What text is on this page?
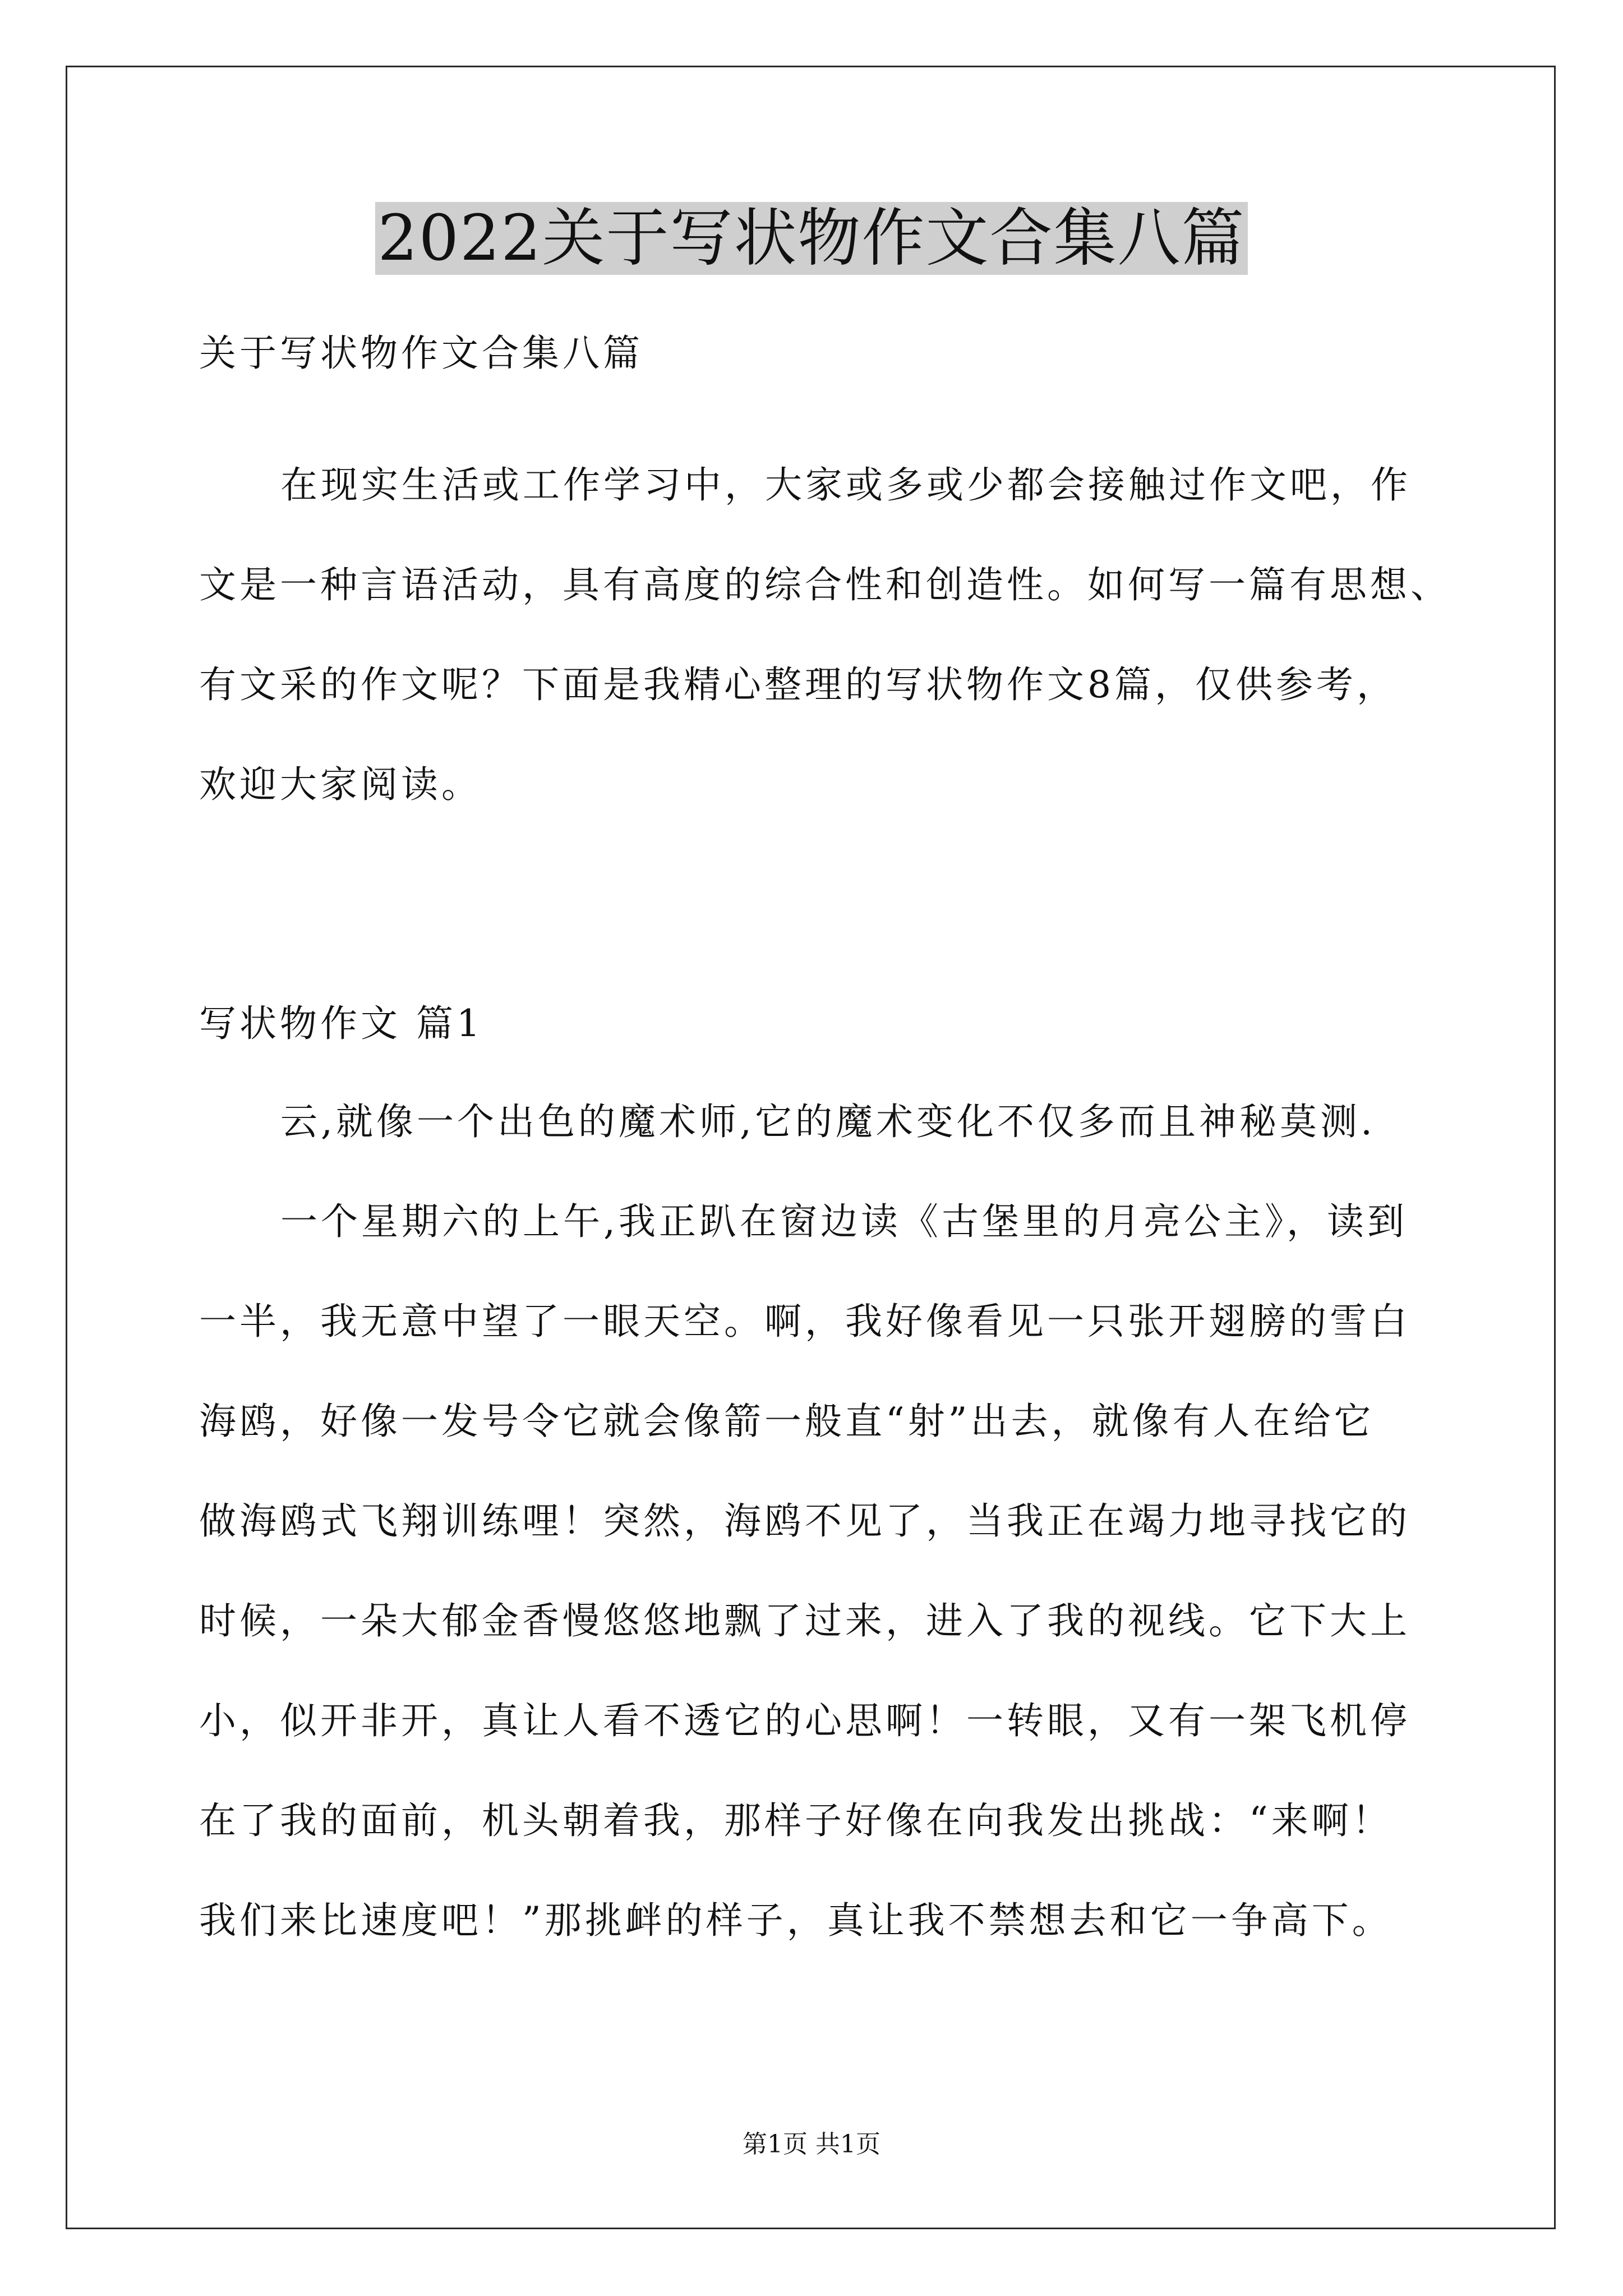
2022关于写状物作文合集八篇
关于写状物作文合集八篇
在现实生活或工作学习中，大家或多或少都会接触过作文吧，作
文是一种言语活动，具有高度的综合性和创造性。如何写一篇有思想、
有文采的作文呢？下面是我精心整理的写状物作文8篇，仅供参考，
欢迎大家阅读。
写状物作文 篇1
云,就像一个出色的魔术师,它的魔术变化不仅多而且神秘莫测.
一个星期六的上午,我正趴在窗边读《古堡里的月亮公主》，读到
一半，我无意中望了一眼天空。啊，我好像看见一只张开翅膀的雪白
海鸥，好像一发号令它就会像箭一般直“射”出去，就像有人在给它
做海鸥式飞翔训练哩！突然，海鸥不见了，当我正在竭力地寻找它的
时候，一朵大郁金香慢悠悠地飘了过来，进入了我的视线。它下大上
小，似开非开，真让人看不透它的心思啊！一转眼，又有一架飞机停
在了我的面前，机头朝着我，那样子好像在向我发出挑战：“来啊！
我们来比速度吧！”那挑衅的样子，真让我不禁想去和它一争高下。
第1页 共1页
